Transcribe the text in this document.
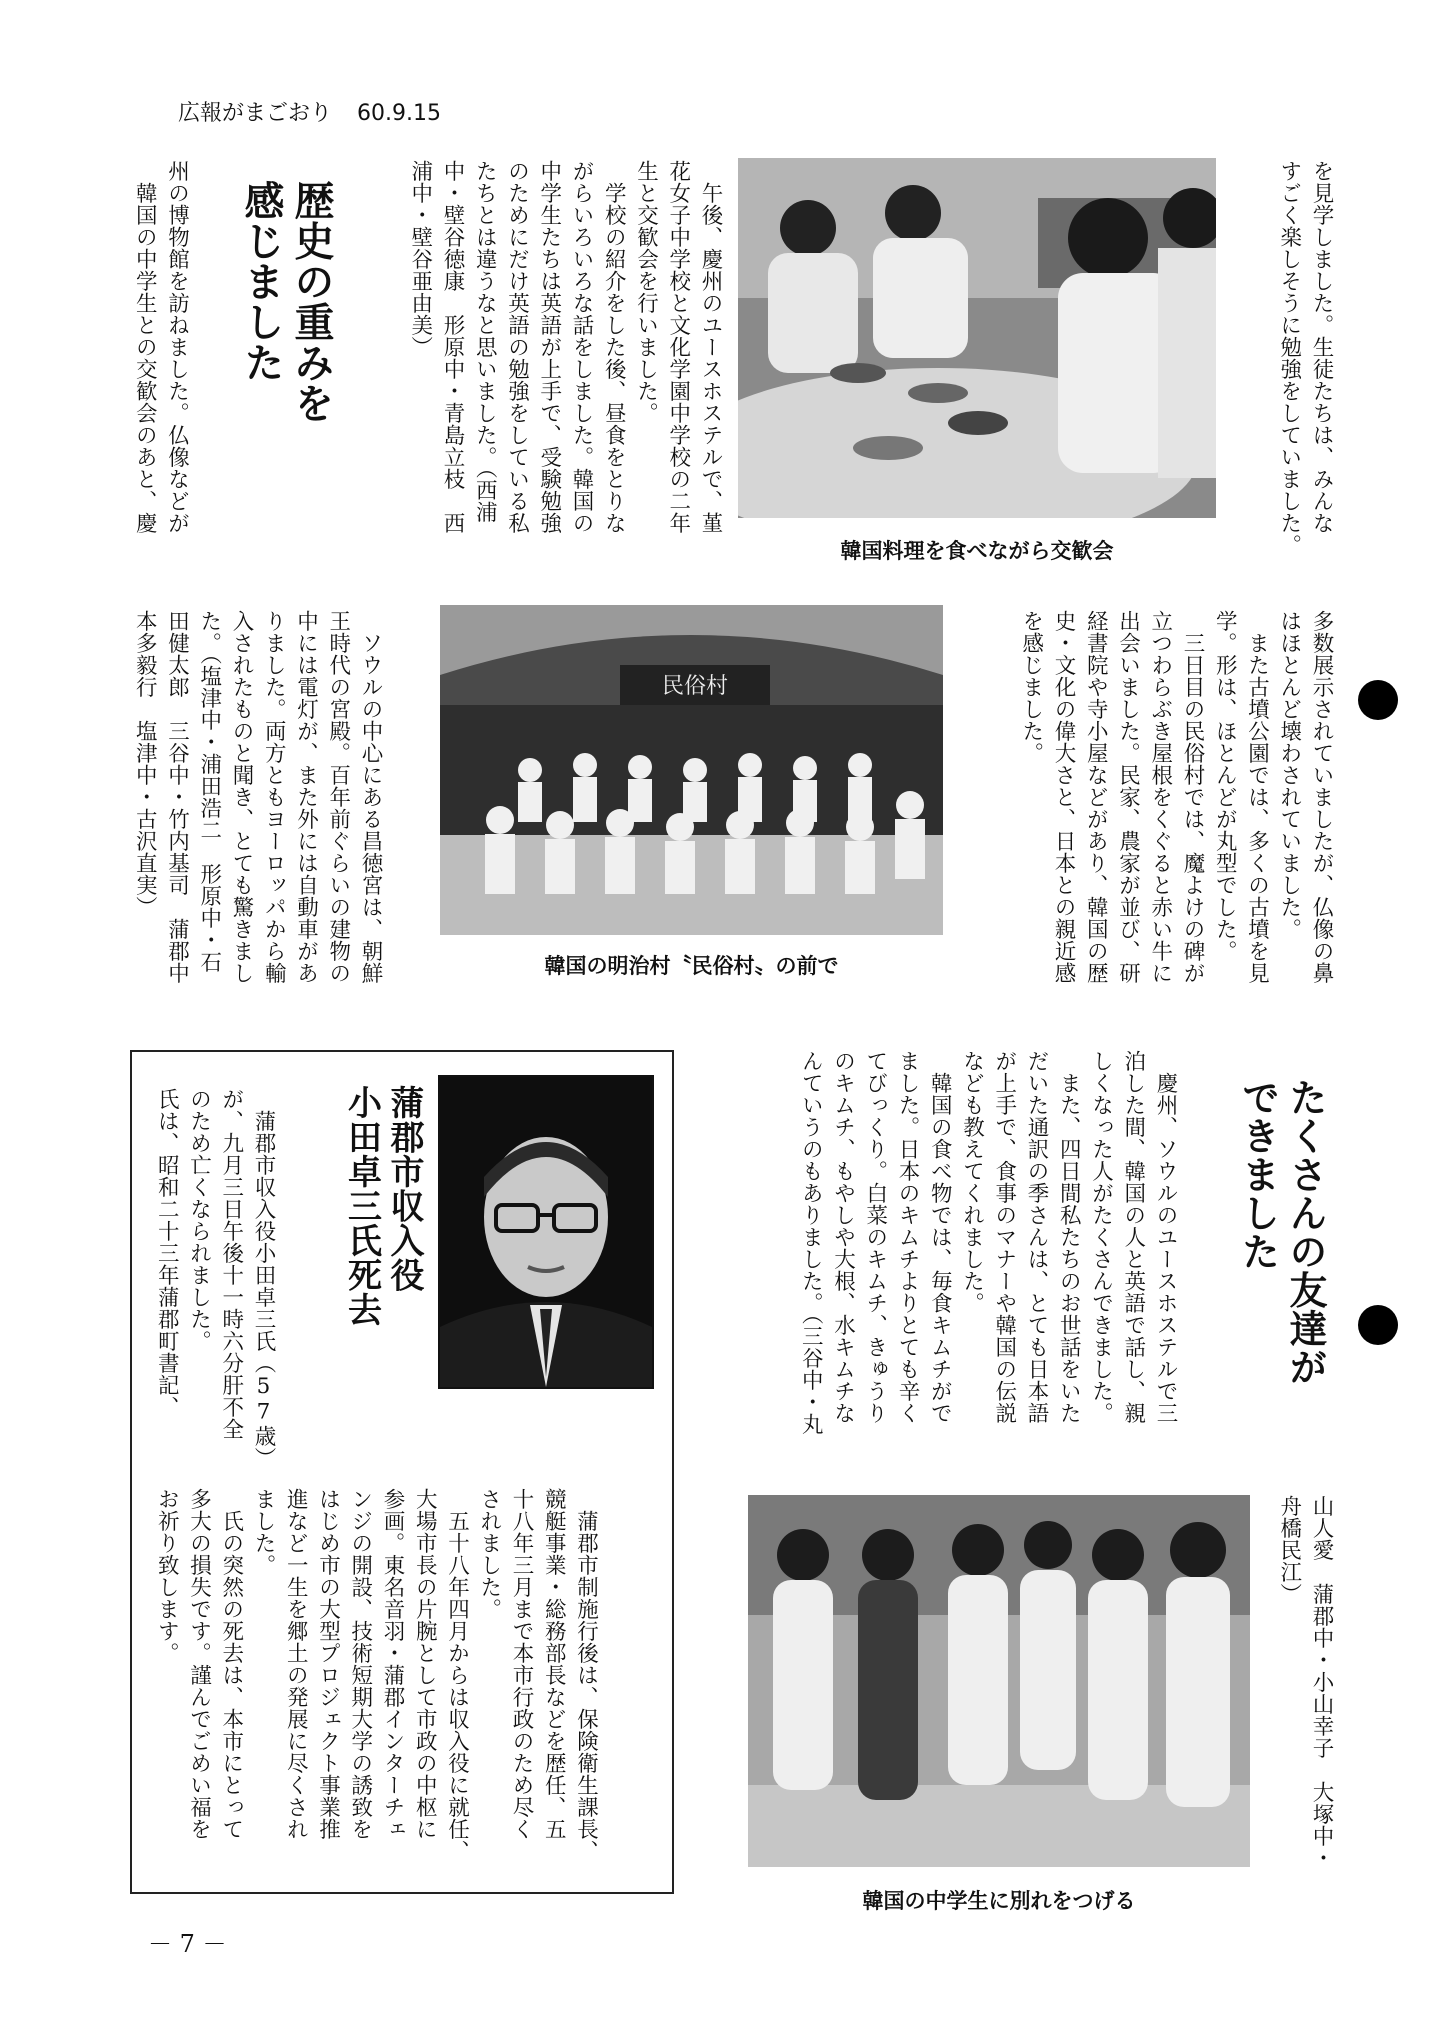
広報がまごおり 60.9.15
を見学しました。生徒たちは、みんな
すごく楽しそうに勉強をしていました。
韓国料理を食べながら交歓会
歴史の重みを
感じました	　午後、慶州のユースホステルで、堇
花女子中学校と文化学園中学校の二年
生と交歓会を行いました。
　学校の紹介をした後、昼食をとりな
がらいろいろな話をしました。韓国の
中学生たちは英語が上手で、受験勉強
のためにだけ英語の勉強をしている私
たちとは違うなと思いました。（西浦
中・壁谷徳康　形原中・青島立枝　西
浦中・壁谷亜由美）
州の博物館を訪ねました。仏像などが
　韓国の中学生との交歓会のあと、慶
多数展示されていましたが、仏像の鼻
はほとんど壊わされていました。
　また古墳公園では、多くの古墳を見
学。形は、ほとんどが丸型でした。
　三日目の民俗村では、魔よけの碑が
立つわらぶき屋根をくぐると赤い牛に
出会いました。民家、農家が並び、研
経書院や寺小屋などがあり、韓国の歴
史・文化の偉大さと、日本との親近感
を感じました。
民俗村
韓国の明治村〝民俗村〟の前で
　ソウルの中心にある昌徳宮は、朝鮮
王時代の宮殿。百年前ぐらいの建物の
中には電灯が、また外には自動車があ
りました。両方ともヨーロッパから輸
入されたものと聞き、とても驚きまし
た。（塩津中・浦田浩二　形原中・石
田健太郎　三谷中・竹内基司　蒲郡中
本多毅行　塩津中・古沢直実）
たくさんの友達が
できました
　慶州、ソウルのユースホステルで三
泊した間、韓国の人と英語で話し、親
しくなった人がたくさんできました。
　また、四日間私たちのお世話をいた
だいた通訳の季さんは、とても日本語
が上手で、食事のマナーや韓国の伝説
なども教えてくれました。
　韓国の食べ物では、毎食キムチがで
ました。日本のキムチよりとても辛く
てびっくり。白菜のキムチ、きゅうり
のキムチ、もやしや大根、水キムチな
んていうのもありました。（三谷中・丸
山人愛　蒲郡中・小山幸子　大塚中・
舟橋民江）
韓国の中学生に別れをつげる
蒲郡市収入役
小田卓三氏死去
　蒲郡市収入役小田卓三氏（57歳）
が、九月三日午後十一時六分肝不全
のため亡くなられました。
氏は、昭和二十三年蒲郡町書記、
　蒲郡市制施行後は、保険衛生課長、
競艇事業・総務部長などを歴任、五
十八年三月まで本市行政のため尽く
されました。
　五十八年四月からは収入役に就任、
大場市長の片腕として市政の中枢に
参画。東名音羽・蒲郡インターチェ
ンジの開設、技術短期大学の誘致を
はじめ市の大型プロジェクト事業推
進など一生を郷土の発展に尽くされ
ました。
　氏の突然の死去は、本市にとって
多大の損失です。謹んでごめい福を
お祈り致します。
－ 7 －
